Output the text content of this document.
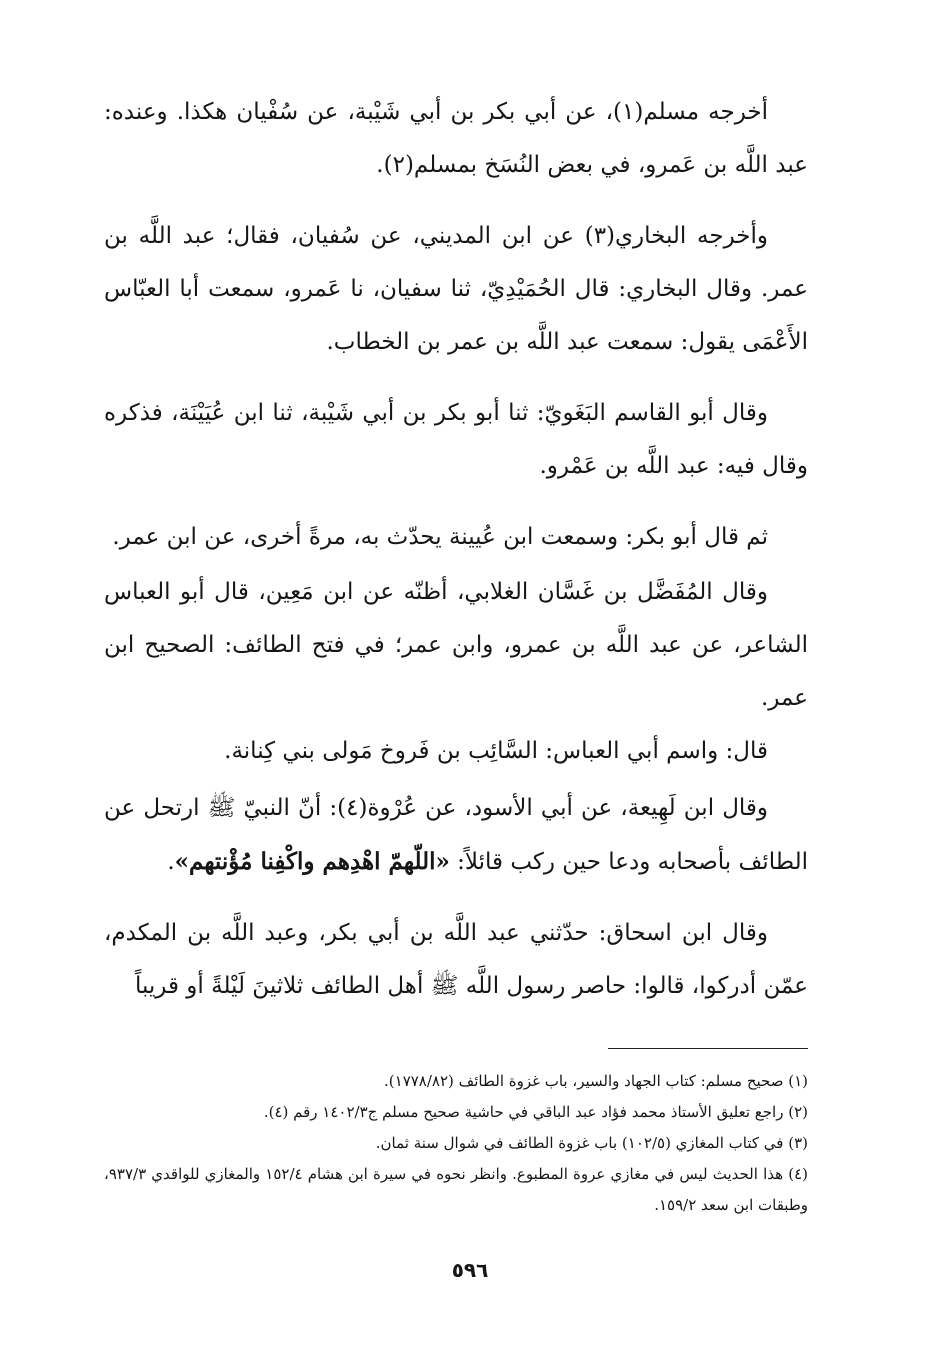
أخرجه مسلم(١)، عن أبي بكر بن أبي شَيْبة، عن سُفْيان هكذا. وعنده: عبد اللَّه بن عَمرو، في بعض النُسَخ بمسلم(٢).

وأخرجه البخاري(٣) عن ابن المديني، عن سُفيان، فقال؛ عبد اللَّه بن عمر. وقال البخاري: قال الحُمَيْدِيّ، ثنا سفيان، نا عَمرو، سمعت أبا العبّاس الأَعْمَى يقول: سمعت عبد اللَّه بن عمر بن الخطاب.

وقال أبو القاسم البَغَويّ: ثنا أبو بكر بن أبي شَيْبة، ثنا ابن عُيَيْنَة، فذكره وقال فيه: عبد اللَّه بن عَمْرو.

ثم قال أبو بكر: وسمعت ابن عُيينة يحدّث به، مرةً أخرى، عن ابن عمر.

وقال المُفَضَّل بن غَسَّان الغلابي، أظنّه عن ابن مَعِين، قال أبو العباس الشاعر، عن عبد اللَّه بن عمرو، وابن عمر؛ في فتح الطائف: الصحيح ابن عمر.

قال: واسم أبي العباس: السَّائِب بن فَروخ مَولى بني كِنانة.

وقال ابن لَهِيعة، عن أبي الأسود، عن عُرْوة(٤): أنّ النبيّ ﷺ ارتحل عن الطائف بأصحابه ودعا حين ركب قائلاً: «اللّهمّ اهْدِهم واكْفِنا مُؤْنتهم».

وقال ابن اسحاق: حدّثني عبد اللَّه بن أبي بكر، وعبد اللَّه بن المكدم، عمّن أدركوا، قالوا: حاصر رسول اللَّه ﷺ أهل الطائف ثلاثينَ لَيْلةً أو قريباً

(١) صحيح مسلم: كتاب الجهاد والسير، باب غزوة الطائف (١٧٧٨/٨٢).

(٢) راجع تعليق الأستاذ محمد فؤاد عبد الباقي في حاشية صحيح مسلم ج١٤٠٢/٣ رقم (٤).

(٣) في كتاب المغازي (١٠٢/٥) باب غزوة الطائف في شوال سنة ثمان.

(٤) هذا الحديث ليس في مغازي عروة المطبوع. وانظر نحوه في سيرة ابن هشام ١٥٢/٤ والمغازي للواقدي ٩٣٧/٣، وطبقات ابن سعد ١٥٩/٢.

٥٩٦
